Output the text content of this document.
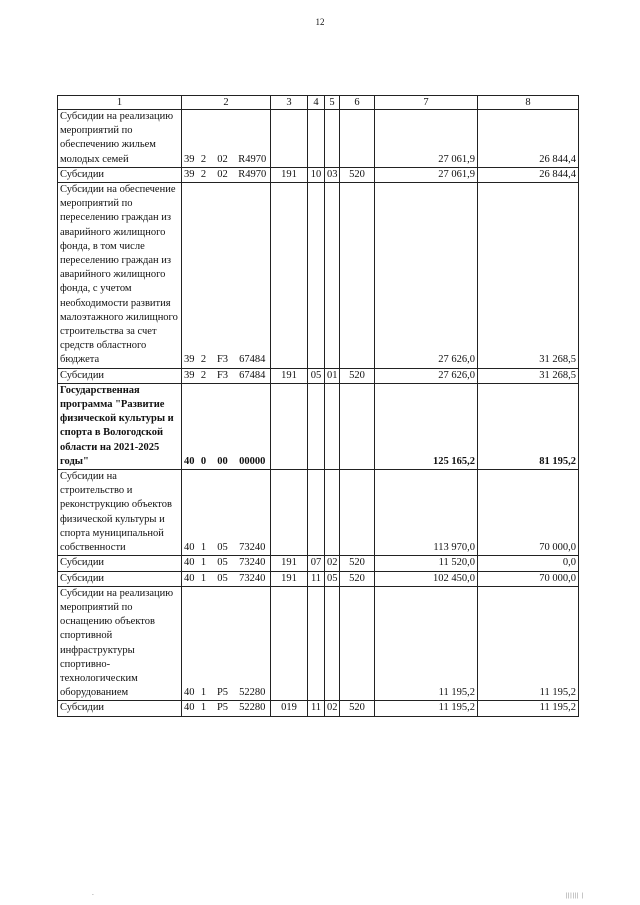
12
1	2				3	4	5	6	7	8
Субсидии на реализацию мероприятий по обеспечению жильем молодых семей	39	2	02	R4970					27 061,9	26 844,4
Субсидии	39	2	02	R4970	191	10	03	520	27 061,9	26 844,4
Субсидии на обеспечение мероприятий по переселению граждан из аварийного жилищного фонда, в том числе переселению граждан из аварийного жилищного фонда, с учетом необходимости развития малоэтажного жилищного строительства за счет средств областного бюджета	39	2	F3	67484					27 626,0	31 268,5
Субсидии	39	2	F3	67484	191	05	01	520	27 626,0	31 268,5
Государственная программа "Развитие физической культуры и спорта в Вологодской области на 2021-2025 годы"	40	0	00	00000					125 165,2	81 195,2
Субсидии на строительство и реконструкцию объектов физической культуры и спорта муниципальной собственности	40	1	05	73240					113 970,0	70 000,0
Субсидии	40	1	05	73240	191	07	02	520	11 520,0	0,0
Субсидии	40	1	05	73240	191	11	05	520	102 450,0	70 000,0
Субсидии на реализацию мероприятий по оснащению объектов спортивной инфраструктуры спортивно-технологическим оборудованием	40	1	P5	52280					11 195,2	11 195,2
Субсидии	40	1	P5	52280	019	11	02	520	11 195,2	11 195,2
-	|||||| |
